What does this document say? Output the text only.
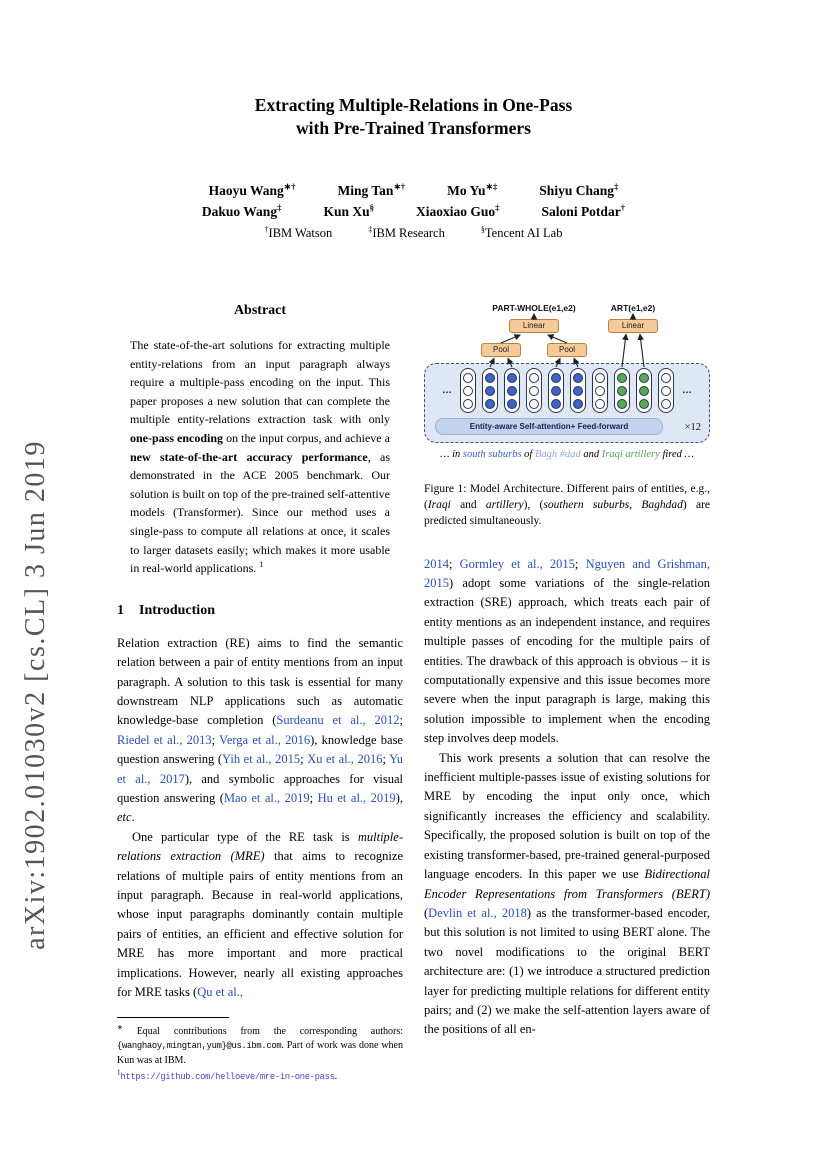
arXiv:1902.01030v2 [cs.CL] 3 Jun 2019
Extracting Multiple-Relations in One-Pass
with Pre-Trained Transformers
Haoyu Wang∗†	Ming Tan∗†	Mo Yu∗‡	Shiyu Chang‡
Dakuo Wang‡	Kun Xu§	Xiaoxiao Guo‡	Saloni Potdar†
†IBM Watson	‡IBM Research	§Tencent AI Lab
Abstract

The state-of-the-art solutions for extracting multiple entity-relations from an input paragraph always require a multiple-pass encoding on the input. This paper proposes a new solution that can complete the multiple entity-relations extraction task with only one-pass encoding on the input corpus, and achieve a new state-of-the-art accuracy performance, as demonstrated in the ACE 2005 benchmark. Our solution is built on top of the pre-trained self-attentive models (Transformer). Since our method uses a single-pass to compute all relations at once, it scales to larger datasets easily; which makes it more usable in real-world applications. $^1$

1 Introduction

Relation extraction (RE) aims to find the semantic relation between a pair of entity mentions from an input paragraph. A solution to this task is essential for many downstream NLP applications such as automatic knowledge-base completion (Surdeanu et al., 2012; Riedel et al., 2013; Verga et al., 2016), knowledge base question answering (Yih et al., 2015; Xu et al., 2016; Yu et al., 2017), and symbolic approaches for visual question answering (Mao et al., 2019; Hu et al., 2019), etc.

One particular type of the RE task is multiple-relations extraction (MRE) that aims to recognize relations of multiple pairs of entity mentions from an input paragraph. Because in real-world applications, whose input paragraphs dominantly contain multiple pairs of entities, an efficient and effective solution for MRE has more important and more practical implications. However, nearly all existing approaches for MRE tasks (Qu et al.,

∗ Equal contributions from the corresponding authors: {wanghaoy,mingtan,yum}@us.ibm.com. Part of work was done when Kun was at IBM.

$^1$https://github.com/helloeve/mre-in-one-pass.

PART-WHOLE(e1,e2)	ART(e1,e2)
Linear	Linear
Pool	Pool
…	…
Entity-aware Self-attention+ Feed-forward	×12
… in south suburbs of Bagh #dad and Iraqi artillery fired …

Figure 1: Model Architecture. Different pairs of entities, e.g., (Iraqi and artillery), (southern suburbs, Baghdad) are predicted simultaneously.

2014; Gormley et al., 2015; Nguyen and Grishman, 2015) adopt some variations of the single-relation extraction (SRE) approach, which treats each pair of entity mentions as an independent instance, and requires multiple passes of encoding for the multiple pairs of entities. The drawback of this approach is obvious – it is computationally expensive and this issue becomes more severe when the input paragraph is large, making this solution impossible to implement when the encoding step involves deep models.

This work presents a solution that can resolve the inefficient multiple-passes issue of existing solutions for MRE by encoding the input only once, which significantly increases the efficiency and scalability. Specifically, the proposed solution is built on top of the existing transformer-based, pre-trained general-purposed language encoders. In this paper we use Bidirectional Encoder Representations from Transformers (BERT) (Devlin et al., 2018) as the transformer-based encoder, but this solution is not limited to using BERT alone. The two novel modifications to the original BERT architecture are: (1) we introduce a structured prediction layer for predicting multiple relations for different entity pairs; and (2) we make the self-attention layers aware of the positions of all en-
